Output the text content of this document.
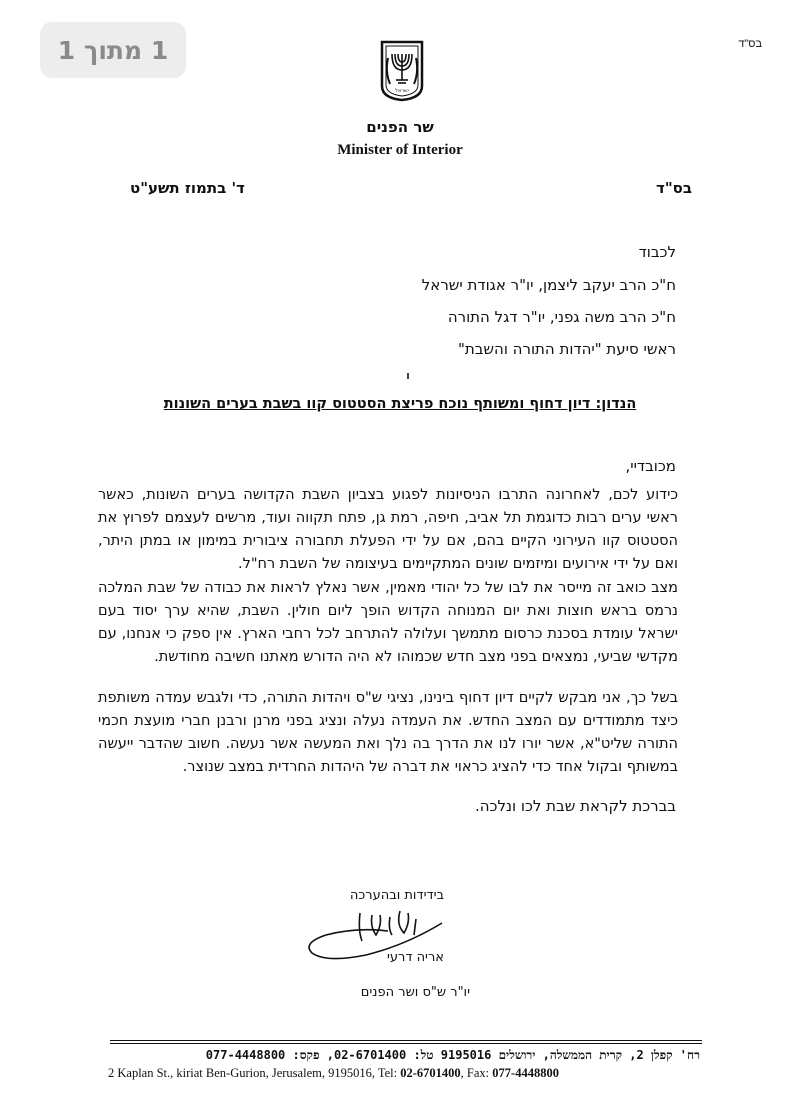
1 מתוך 1	בס"ד
ישראל
שר הפנים
Minister of Interior
בס"ד
ד' בתמוז תשע"ט
לכבוד
ח"כ הרב יעקב ליצמן, יו"ר אגודת ישראל
ח"כ הרב משה גפני, יו"ר דגל התורה
ראשי סיעת "יהדות התורה והשבת"
הנדון: דיון דחוף ומשותף נוכח פריצת הסטטוס קוו בשבת בערים השונות
מכובדיי,

כידוע לכם, לאחרונה התרבו הניסיונות לפגוע בצביון השבת הקדושה בערים השונות, כאשר ראשי ערים רבות כדוגמת תל אביב, חיפה, רמת גן, פתח תקווה ועוד, מרשים לעצמם לפרוץ את הסטטוס קוו העירוני הקיים בהם, אם על ידי הפעלת תחבורה ציבורית במימון או במתן היתר, ואם על ידי אירועים ומיזמים שונים המתקיימים בעיצומה של השבת רח"ל.

מצב כואב זה מייסר את לבו של כל יהודי מאמין, אשר נאלץ לראות את כבודה של שבת המלכה נרמס בראש חוצות ואת יום המנוחה הקדוש הופך ליום חולין. השבת, שהיא ערך יסוד בעם ישראל עומדת בסכנת כרסום מתמשך ועלולה להתרחב לכל רחבי הארץ. אין ספק כי אנחנו, עם מקדשי שביעי, נמצאים בפני מצב חדש שכמוהו לא היה הדורש מאתנו חשיבה מחודשת.

בשל כך, אני מבקש לקיים דיון דחוף בינינו, נציגי ש"ס ויהדות התורה, כדי ולגבש עמדה משותפת כיצד מתמודדים עם המצב החדש. את העמדה נעלה ונציג בפני מרנן ורבנן חברי מועצת חכמי התורה שליט"א, אשר יורו לנו את הדרך בה נלך ואת המעשה אשר נעשה. חשוב שהדבר ייעשה במשותף ובקול אחד כדי להציג כראוי את דברה של היהדות החרדית במצב שנוצר.

בברכת לקראת שבת לכו ונלכה.
בידידות ובהערכה
אריה דרעי
יו"ר ש"ס ושר הפנים
רח' קפלן 2, קרית הממשלה, ירושלים 9195016 טל: 02-6701400, פקס: 077-4448800
2 Kaplan St., kiriat Ben-Gurion, Jerusalem, 9195016, Tel: 02-6701400, Fax: 077-4448800
